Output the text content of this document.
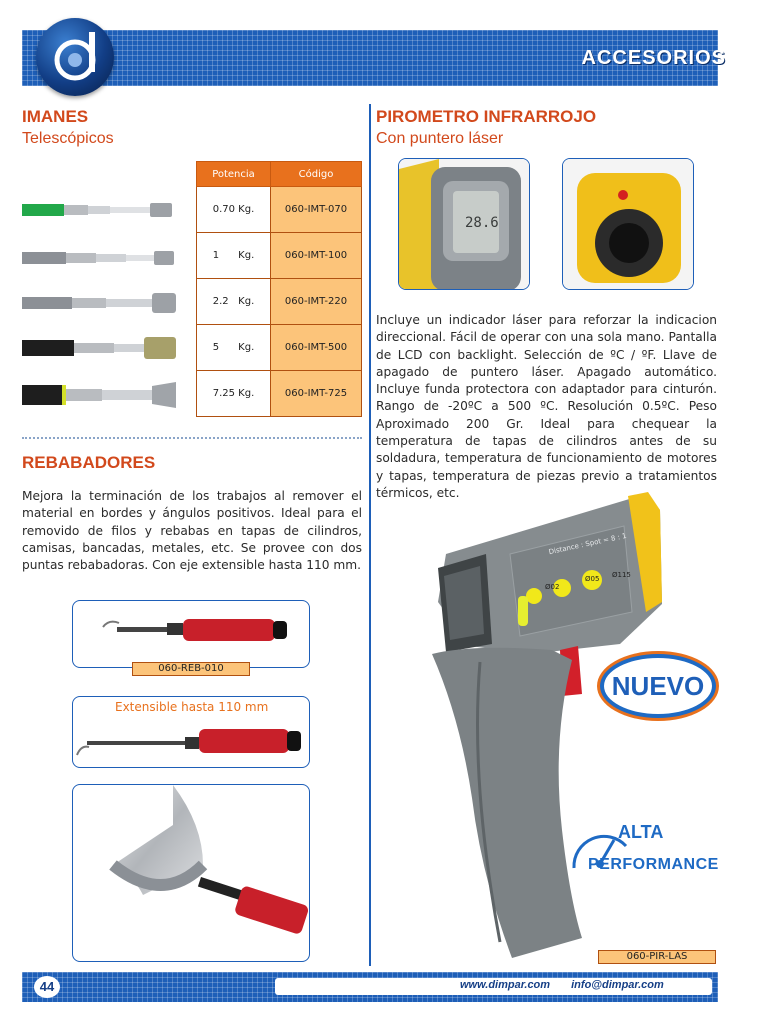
ACCESORIOS
IMANES
Telescópicos
Potencia	Código
0.70 Kg.	060-IMT-070
1      Kg.	060-IMT-100
2.2   Kg.	060-IMT-220
5      Kg.	060-IMT-500
7.25 Kg.	060-IMT-725
REBABADORES
Mejora la terminación de los trabajos al remover el material en bordes y ángulos positivos. Ideal para el removido de filos y rebabas en tapas de cilindros, camisas, bancadas, metales, etc. Se provee con dos puntas rebabadoras. Con eje extensible hasta 110 mm.
060-REB-010
Extensible hasta 110 mm
PIROMETRO INFRARROJO
Con puntero láser
28.6
Incluye un indicador láser para reforzar la indicacion direccional. Fácil de operar con una sola mano. Pantalla de LCD con backlight. Selección de ºC / ºF. Llave de apagado de puntero láser. Apagado automático. Incluye funda protectora con adaptador para cinturón. Rango de -20ºC a 500 ºC. Resolución 0.5ºC. Peso Aproximado 200 Gr. Ideal para chequear la temperatura de tapas de cilindros antes de su soldadura, temperatura de funcionamiento de motores y tapas, temperatura de piezas previo a tratamientos térmicos, etc.
Distance : Spot = 8 : 1
Ø02
Ø05 Ø115
NUEVO
ALTA
PERFORMANCE
060-PIR-LAS
44	www.dimpar.com info@dimpar.com
